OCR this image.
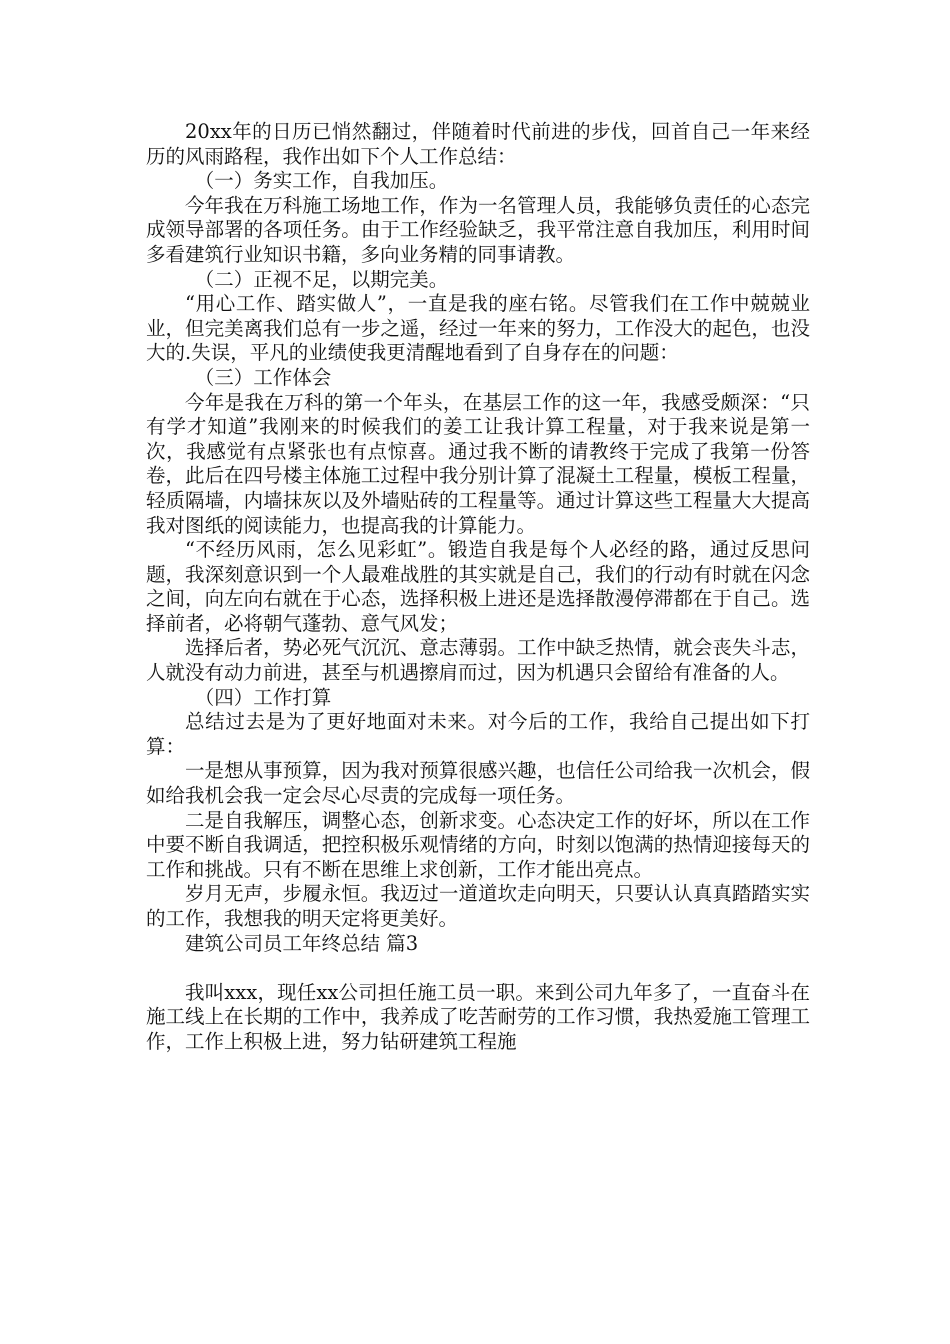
20xx年的日历已悄然翻过，伴随着时代前进的步伐，回首自己一年来经历的风雨路程，我作出如下个人工作总结：

（一）务实工作，自我加压。

今年我在万科施工场地工作，作为一名管理人员，我能够负责任的心态完成领导部署的各项任务。由于工作经验缺乏，我平常注意自我加压，利用时间多看建筑行业知识书籍，多向业务精的同事请教。

（二）正视不足，以期完美。

“用心工作、踏实做人”，一直是我的座右铭。尽管我们在工作中兢兢业业，但完美离我们总有一步之遥，经过一年来的努力，工作没大的起色，也没大的.失误，平凡的业绩使我更清醒地看到了自身存在的问题：

（三）工作体会

今年是我在万科的第一个年头，在基层工作的这一年，我感受颇深：“只有学才知道”我刚来的时候我们的姜工让我计算工程量，对于我来说是第一次，我感觉有点紧张也有点惊喜。通过我不断的请教终于完成了我第一份答卷，此后在四号楼主体施工过程中我分别计算了混凝土工程量，模板工程量，轻质隔墙，内墙抹灰以及外墙贴砖的工程量等。通过计算这些工程量大大提高我对图纸的阅读能力，也提高我的计算能力。

“不经历风雨，怎么见彩虹”。锻造自我是每个人必经的路，通过反思问题，我深刻意识到一个人最难战胜的其实就是自己，我们的行动有时就在闪念之间，向左向右就在于心态，选择积极上进还是选择散漫停滞都在于自己。选择前者，必将朝气蓬勃、意气风发；

选择后者，势必死气沉沉、意志薄弱。工作中缺乏热情，就会丧失斗志，人就没有动力前进，甚至与机遇擦肩而过，因为机遇只会留给有准备的人。

（四）工作打算

总结过去是为了更好地面对未来。对今后的工作，我给自己提出如下打算：

一是想从事预算，因为我对预算很感兴趣，也信任公司给我一次机会，假如给我机会我一定会尽心尽责的完成每一项任务。

二是自我解压，调整心态，创新求变。心态决定工作的好坏，所以在工作中要不断自我调适，把控积极乐观情绪的方向，时刻以饱满的热情迎接每天的工作和挑战。只有不断在思维上求创新，工作才能出亮点。

岁月无声，步履永恒。我迈过一道道坎走向明天，只要认认真真踏踏实实的工作，我想我的明天定将更美好。

建筑公司员工年终总结 篇3

我叫xxx，现任xx公司担任施工员一职。来到公司九年多了，一直奋斗在施工线上在长期的工作中，我养成了吃苦耐劳的工作习惯，我热爱施工管理工作，工作上积极上进，努力钻研建筑工程施
